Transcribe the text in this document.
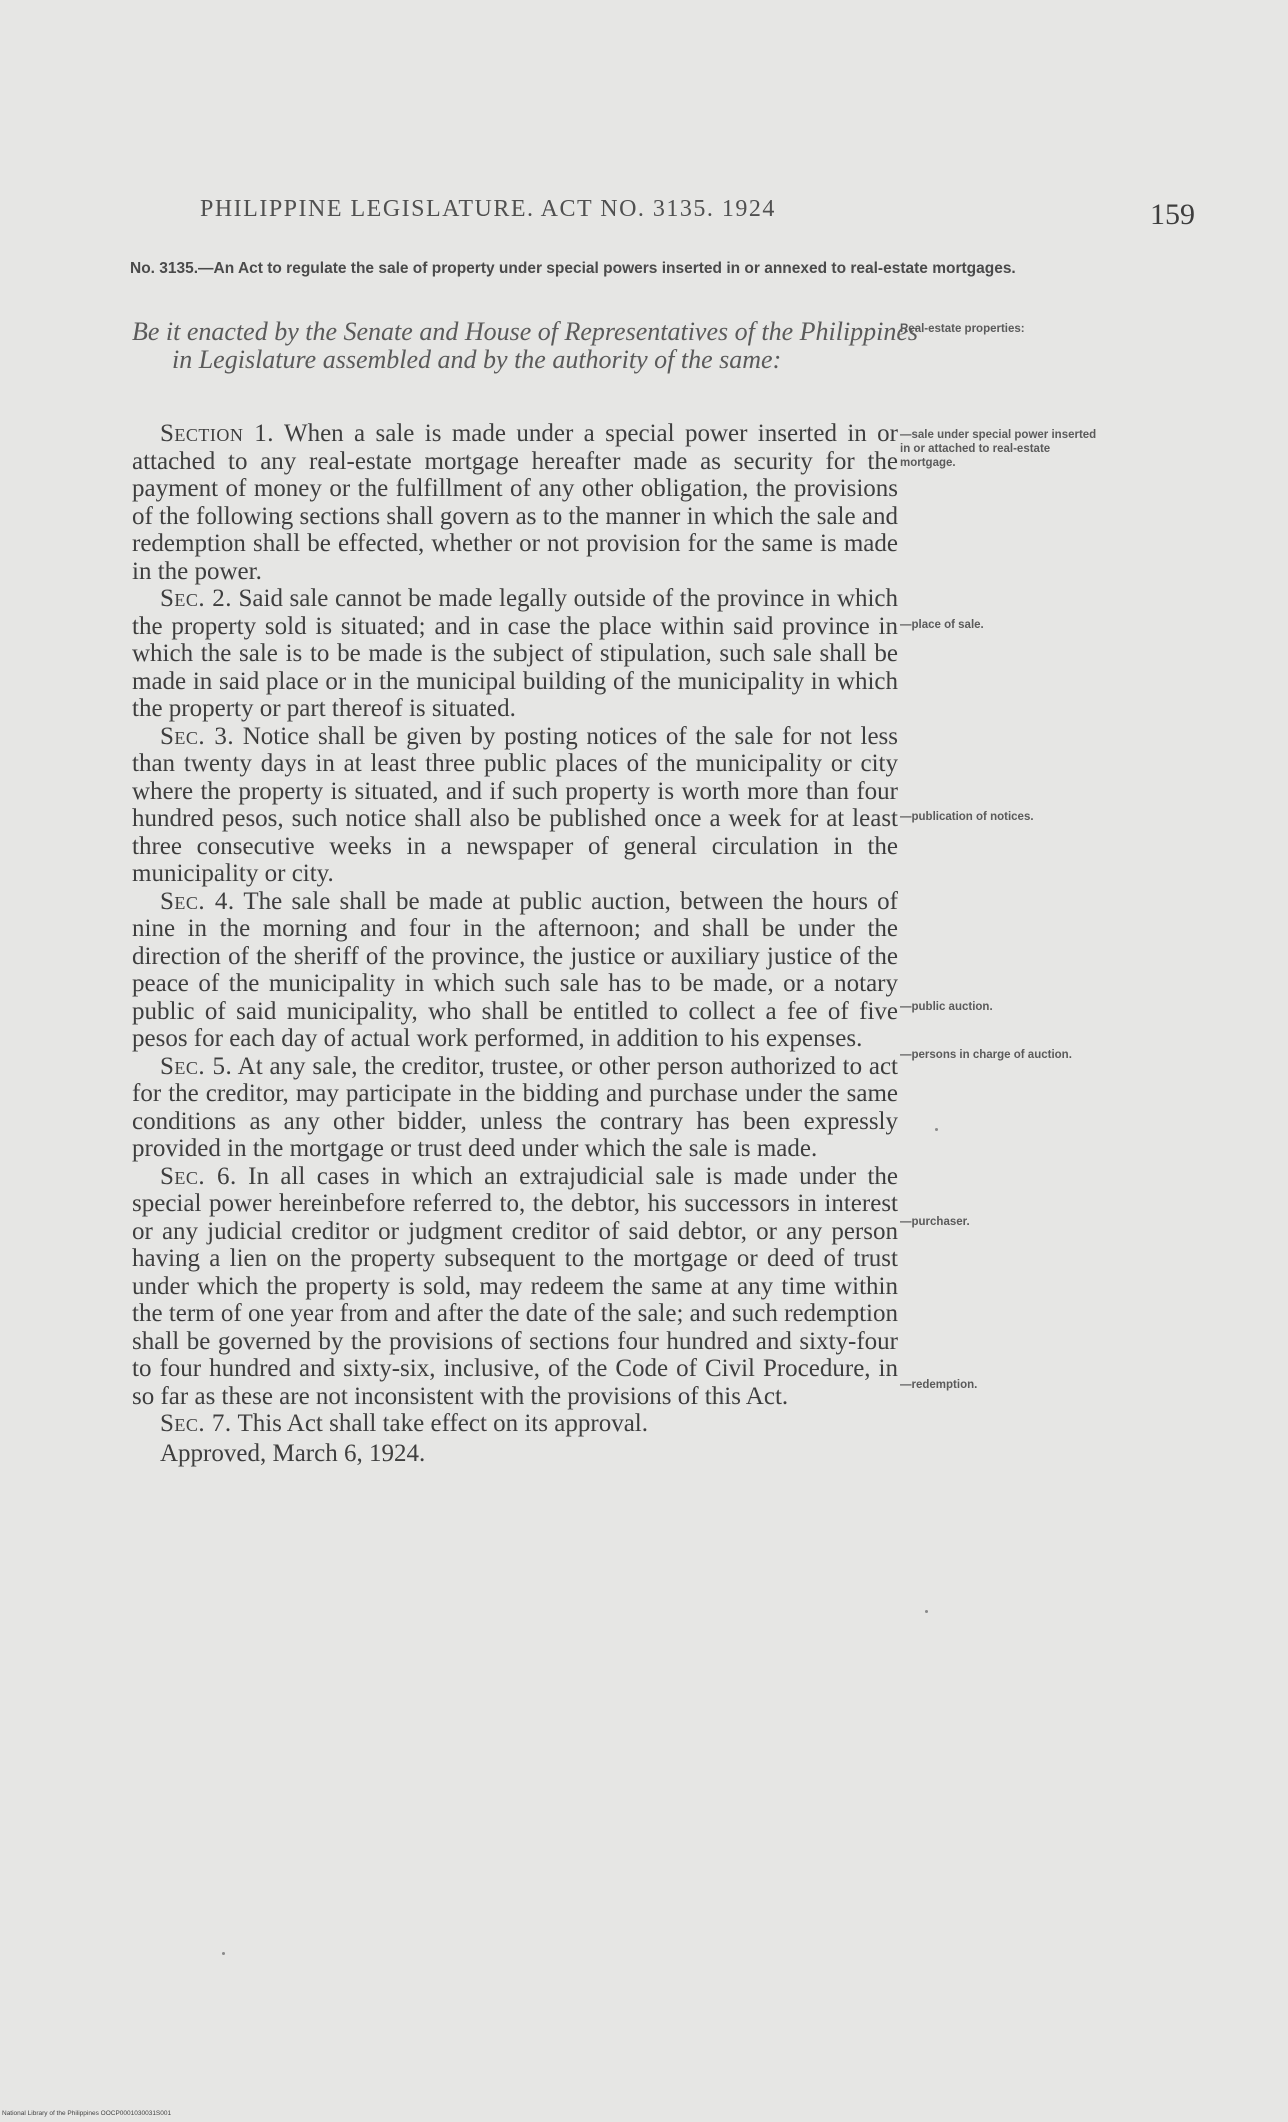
PHILIPPINE LEGISLATURE. ACT NO. 3135. 1924	159
No. 3135.—An Act to regulate the sale of property under special powers inserted in or annexed to real-estate mortgages.
Be it enacted by the Senate and House of Representatives of the Philippines in Legislature assembled and by the authority of the same:

Section 1. When a sale is made under a special power inserted in or attached to any real-estate mortgage hereafter made as security for the payment of money or the fulfillment of any other obligation, the provisions of the following sections shall govern as to the manner in which the sale and redemption shall be effected, whether or not provision for the same is made in the power.

Sec. 2. Said sale cannot be made legally outside of the province in which the property sold is situated; and in case the place within said province in which the sale is to be made is the subject of stipulation, such sale shall be made in said place or in the municipal building of the municipality in which the property or part thereof is situated.

Sec. 3. Notice shall be given by posting notices of the sale for not less than twenty days in at least three public places of the municipality or city where the property is situated, and if such property is worth more than four hundred pesos, such notice shall also be published once a week for at least three consecutive weeks in a newspaper of general circulation in the municipality or city.

Sec. 4. The sale shall be made at public auction, between the hours of nine in the morning and four in the afternoon; and shall be under the direction of the sheriff of the province, the justice or auxiliary justice of the peace of the municipality in which such sale has to be made, or a notary public of said municipality, who shall be entitled to collect a fee of five pesos for each day of actual work performed, in addition to his expenses.

Sec. 5. At any sale, the creditor, trustee, or other person authorized to act for the creditor, may participate in the bidding and purchase under the same conditions as any other bidder, unless the contrary has been expressly provided in the mortgage or trust deed under which the sale is made.

Sec. 6. In all cases in which an extrajudicial sale is made under the special power hereinbefore referred to, the debtor, his successors in interest or any judicial creditor or judgment creditor of said debtor, or any person having a lien on the property subsequent to the mortgage or deed of trust under which the property is sold, may redeem the same at any time within the term of one year from and after the date of the sale; and such redemption shall be governed by the provisions of sections four hundred and sixty-four to four hundred and sixty-six, inclusive, of the Code of Civil Procedure, in so far as these are not inconsistent with the provisions of this Act.

Sec. 7. This Act shall take effect on its approval.

Approved, March 6, 1924.

Real-estate properties:
—sale under special power inserted in or attached to real-estate mortgage.
—place of sale.
—publication of notices.
—public auction.
—persons in charge of auction.
—purchaser.
—redemption.
National Library of the Philippines OOCP0001030031S001
